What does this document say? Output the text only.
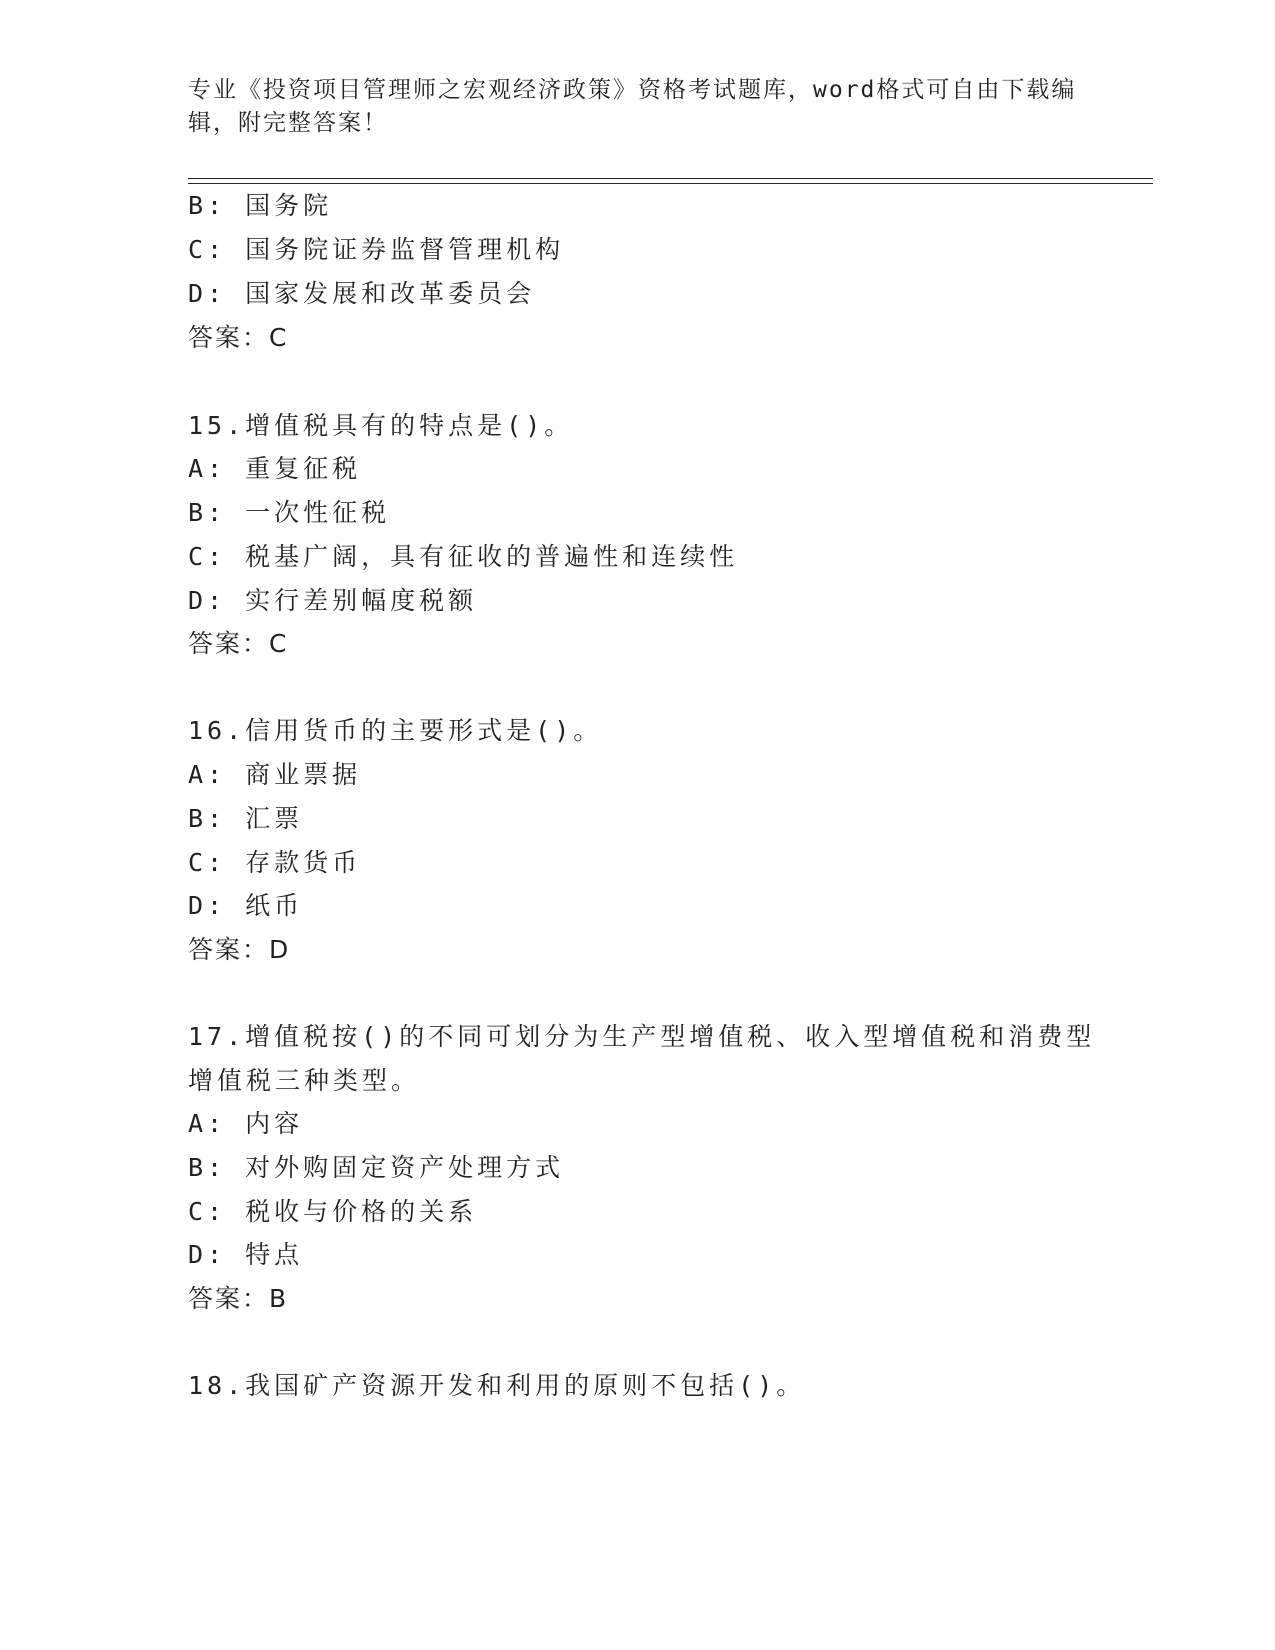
专业《投资项目管理师之宏观经济政策》资格考试题库，word格式可自由下载编辑，附完整答案！
B: 国务院
C: 国务院证券监督管理机构
D: 国家发展和改革委员会
答案：C
15.增值税具有的特点是()。
A: 重复征税
B: 一次性征税
C: 税基广阔，具有征收的普遍性和连续性
D: 实行差别幅度税额
答案：C
16.信用货币的主要形式是()。
A: 商业票据
B: 汇票
C: 存款货币
D: 纸币
答案：D
17.增值税按()的不同可划分为生产型增值税、收入型增值税和消费型
增值税三种类型。
A: 内容
B: 对外购固定资产处理方式
C: 税收与价格的关系
D: 特点
答案：B
18.我国矿产资源开发和利用的原则不包括()。
